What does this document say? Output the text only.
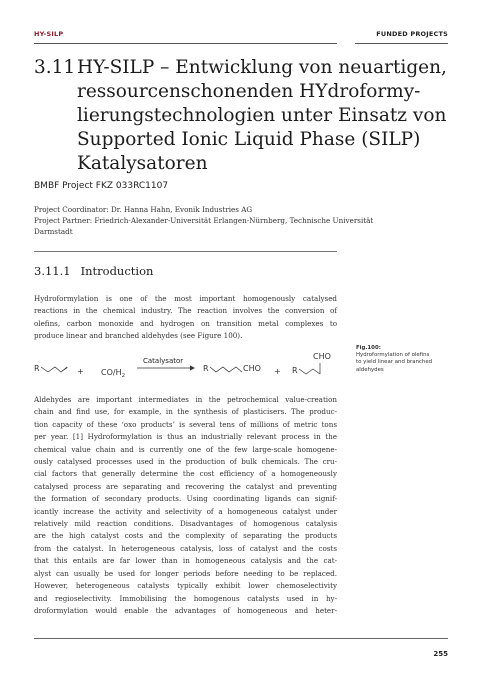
HY-SILP	FUNDED PROJECTS
3.11 HY-SILP – Entwicklung von neuartigen,
ressourcenschonenden HYdroformy-
lierungstechnologien unter Einsatz von
Supported Ionic Liquid Phase (SILP)
Katalysatoren
BMBF Project FKZ 033RC1107
Project Coordinator: Dr. Hanna Hahn, Evonik Industries AG
Project Partner: Friedrich-Alexander-Universität Erlangen-Nürnberg, Technische Universität
Darmstadt
3.11.1 Introduction
Hydroformylation is one of the most important homogenously catalysed
reactions in the chemical industry. The reaction involves the conversion of
olefins, carbon monoxide and hydrogen on transition metal complexes to
produce linear and branched aldehydes (see Figure 100).
R	+ $CO/H_2$
Catalysator
R	CHO + R
CHO
Fig.100:
Hydroformylation of olefins
to yield linear and branched
aldehydes
Aldehydes are important intermediates in the petrochemical value-creation
chain and find use, for example, in the synthesis of plasticisers. The produc-
tion capacity of these ‘oxo products’ is several tens of millions of metric tons
per year. [1] Hydroformylation is thus an industrially relevant process in the
chemical value chain and is currently one of the few large-scale homogene-
ously catalysed processes used in the production of bulk chemicals. The cru-
cial factors that generally determine the cost efficiency of a homogeneously
catalysed process are separating and recovering the catalyst and preventing
the formation of secondary products. Using coordinating ligands can signif-
icantly increase the activity and selectivity of a homogeneous catalyst under
relatively mild reaction conditions. Disadvantages of homogenous catalysis
are the high catalyst costs and the complexity of separating the products
from the catalyst. In heterogeneous catalysis, loss of catalyst and the costs
that this entails are far lower than in homogeneous catalysis and the cat-
alyst can usually be used for longer periods before needing to be replaced.
However, heterogeneous catalysts typically exhibit lower chemoselectivity
and regioselectivity. Immobilising the homogenous catalysts used in hy-
droformylation would enable the advantages of homogeneous and heter-
255
